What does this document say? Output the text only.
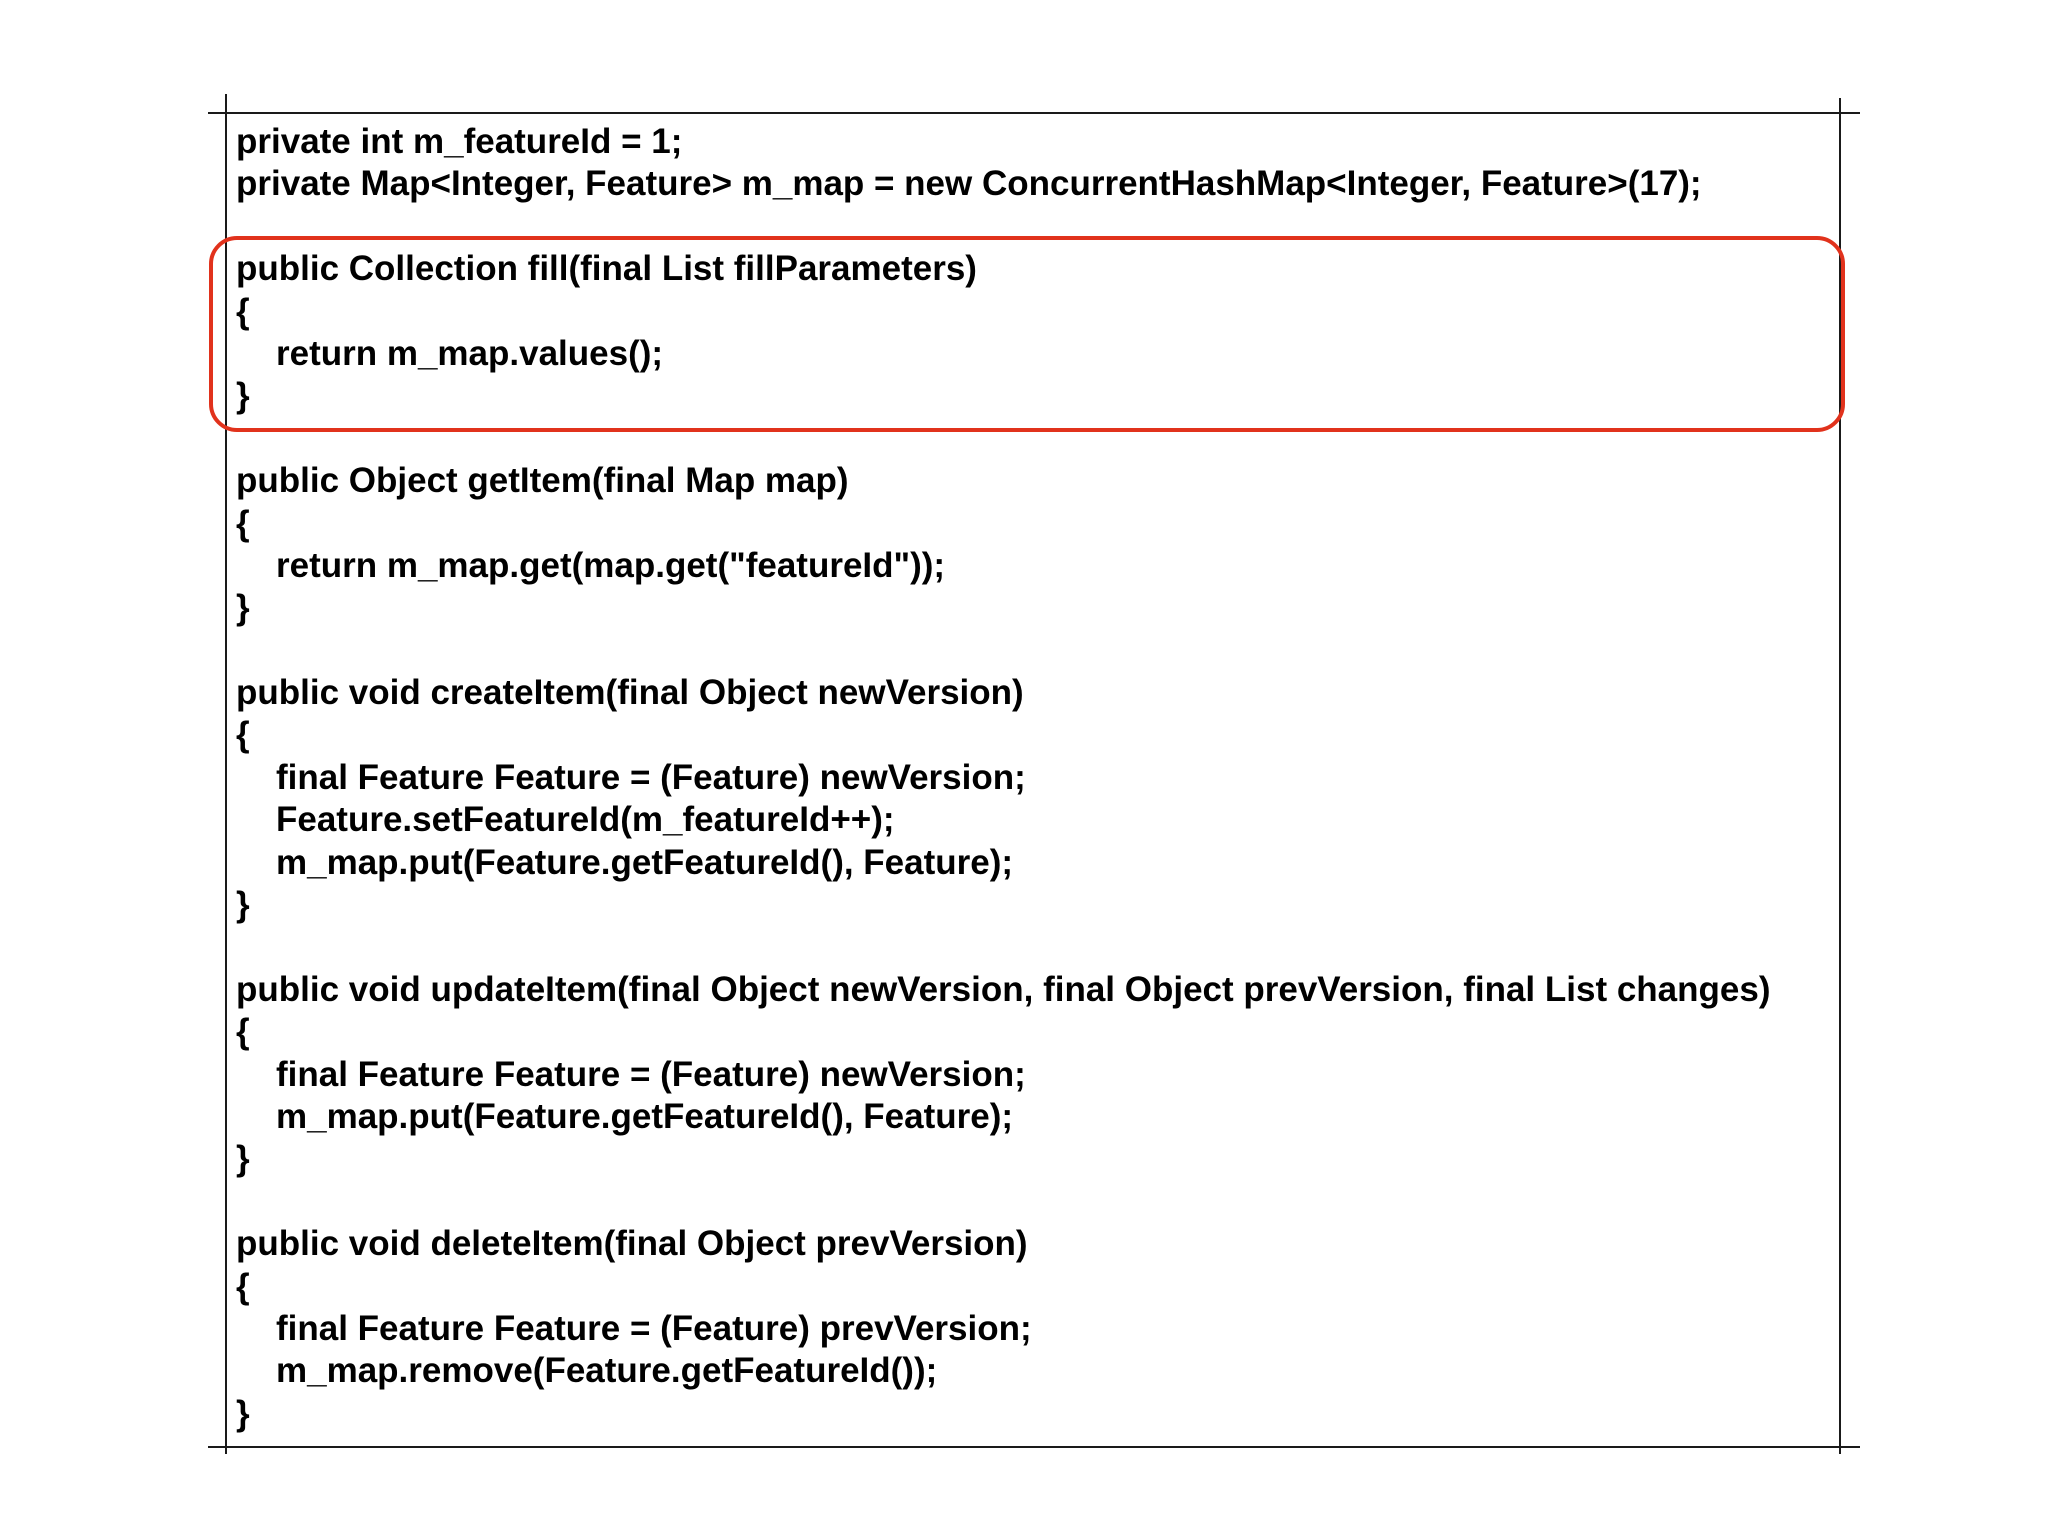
private int m_featureId = 1;
private Map<Integer, Feature> m_map = new ConcurrentHashMap<Integer, Feature>(17);
public Collection fill(final List fillParameters)
{
return m_map.values();
}
public Object getItem(final Map map)
{
return m_map.get(map.get("featureId"));
}
public void createItem(final Object newVersion)
{
final Feature Feature = (Feature) newVersion;
Feature.setFeatureId(m_featureId++);
m_map.put(Feature.getFeatureId(), Feature);
}
public void updateItem(final Object newVersion, final Object prevVersion, final List changes)
{
final Feature Feature = (Feature) newVersion;
m_map.put(Feature.getFeatureId(), Feature);
}
public void deleteItem(final Object prevVersion)
{
final Feature Feature = (Feature) prevVersion;
m_map.remove(Feature.getFeatureId());
}
